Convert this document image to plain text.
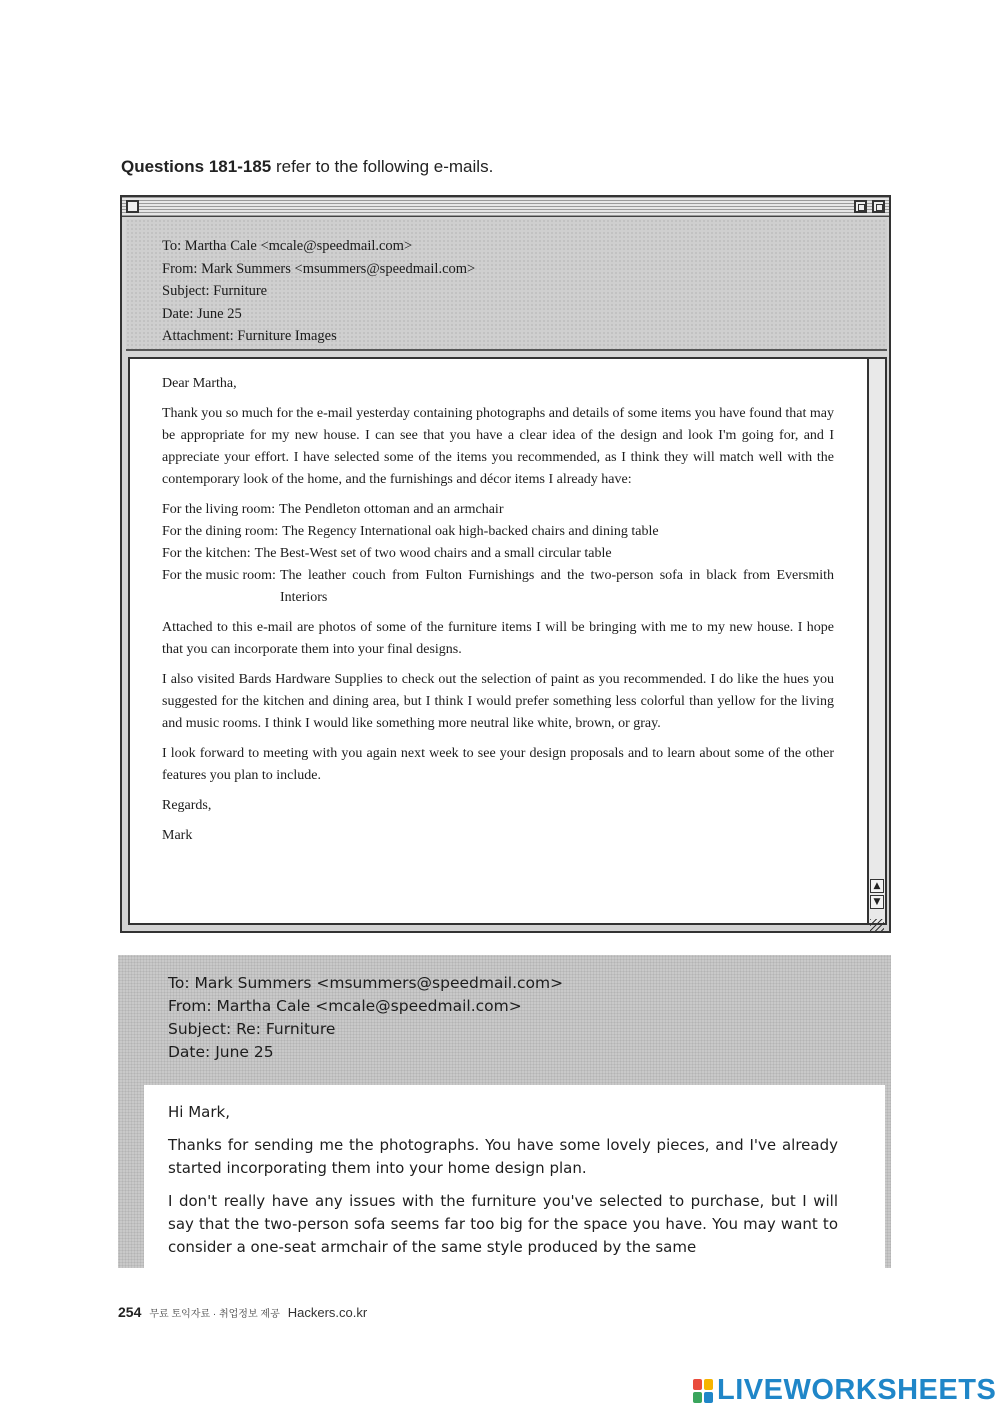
Questions 181-185 refer to the following e-mails.
To: Martha Cale <mcale@speedmail.com>
From: Mark Summers <msummers@speedmail.com>
Subject: Furniture
Date: June 25
Attachment: Furniture Images

Dear Martha,

Thank you so much for the e-mail yesterday containing photographs and details of some items you have found that may be appropriate for my new house. I can see that you have a clear idea of the design and look I'm going for, and I appreciate your effort. I have selected some of the items you recommended, as I think they will match well with the contemporary look of the home, and the furnishings and décor items I already have:

For the living room: The Pendleton ottoman and an armchair
For the dining room: The Regency International oak high-backed chairs and dining table
For the kitchen: The Best-West set of two wood chairs and a small circular table
For the music room: The leather couch from Fulton Furnishings and the two-person sofa in black from Eversmith Interiors

Attached to this e-mail are photos of some of the furniture items I will be bringing with me to my new house. I hope that you can incorporate them into your final designs.

I also visited Bards Hardware Supplies to check out the selection of paint as you recommended. I do like the hues you suggested for the kitchen and dining area, but I think I would prefer something less colorful than yellow for the living and music rooms. I think I would like something more neutral like white, brown, or gray.

I look forward to meeting with you again next week to see your design proposals and to learn about some of the other features you plan to include.

Regards,

Mark

▲
▼
To: Mark Summers <msummers@speedmail.com>
From: Martha Cale <mcale@speedmail.com>
Subject: Re: Furniture
Date: June 25

Hi Mark,

Thanks for sending me the photographs. You have some lovely pieces, and I've already started incorporating them into your home design plan.

I don't really have any issues with the furniture you've selected to purchase, but I will say that the two-person sofa seems far too big for the space you have. You may want to consider a one-seat armchair of the same style produced by the same

254 무료 토익자료 · 취업정보 제공 Hackers.co.kr
LIVEWORKSHEETS
